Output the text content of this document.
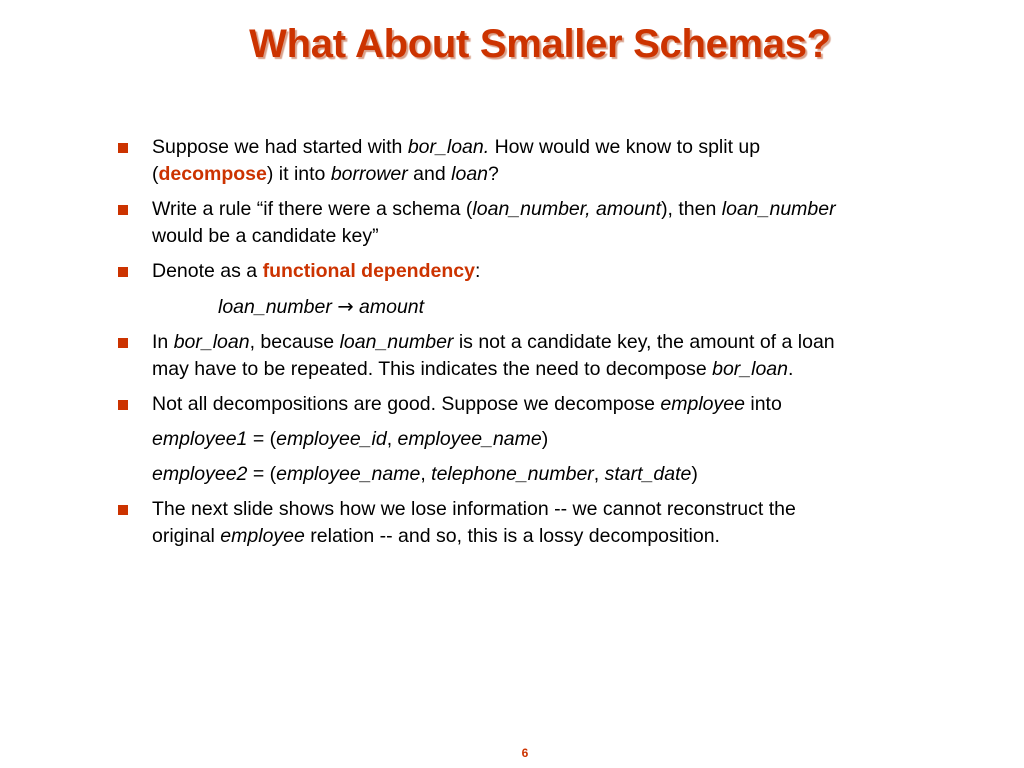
What About Smaller Schemas?
Suppose we had started with bor_loan. How would we know to split up
(decompose) it into borrower and loan?
Write a rule “if there were a schema (loan_number, amount), then loan_number
would be a candidate key”
Denote as a functional dependency:
loan_number → amount
In bor_loan, because loan_number is not a candidate key, the amount of a loan
may have to be repeated. This indicates the need to decompose bor_loan.
Not all decompositions are good. Suppose we decompose employee into
employee1 = (employee_id, employee_name)
employee2 = (employee_name, telephone_number, start_date)
The next slide shows how we lose information -- we cannot reconstruct the
original employee relation -- and so, this is a lossy decomposition.
6
